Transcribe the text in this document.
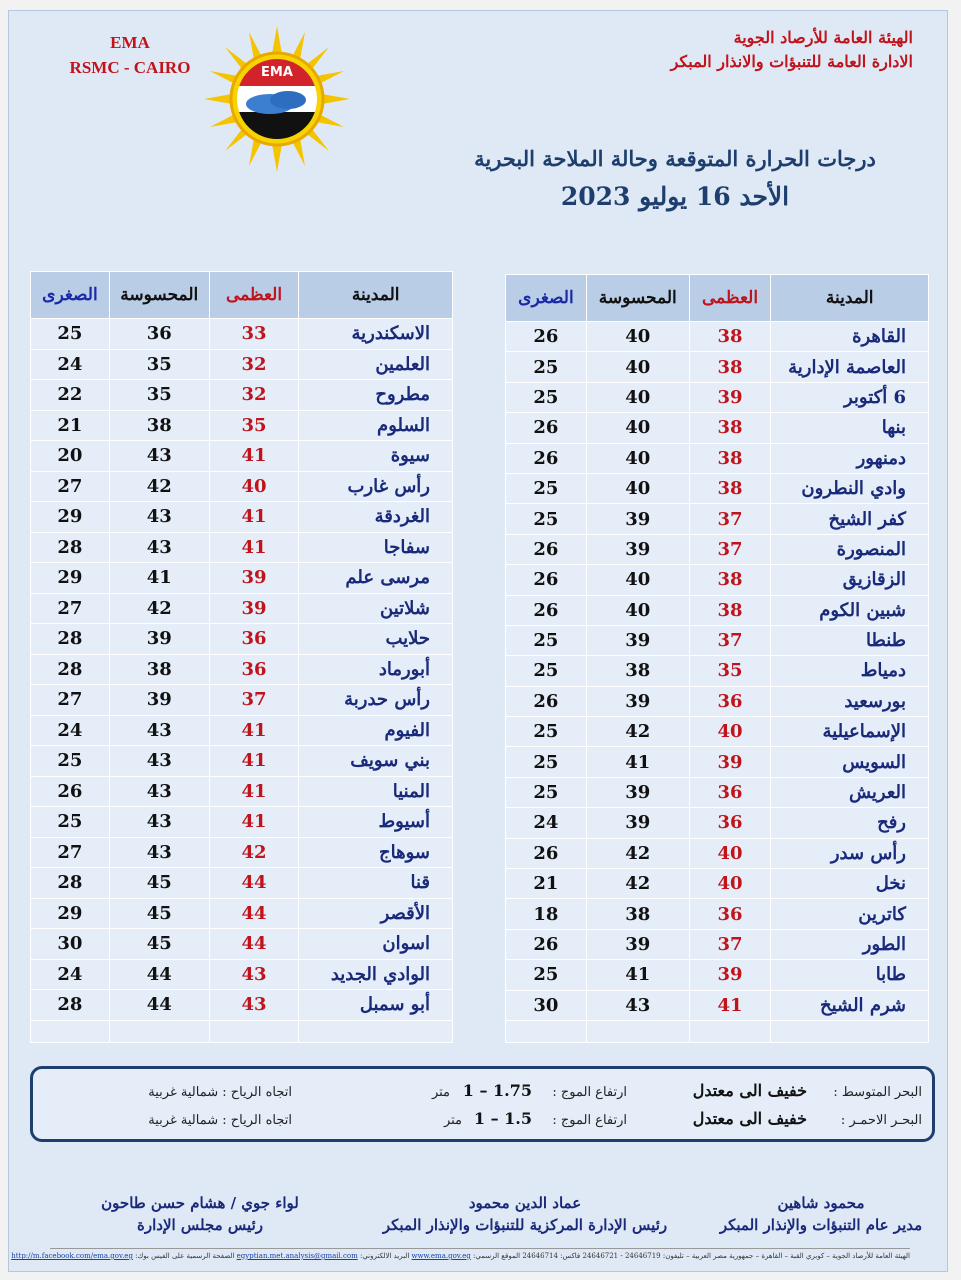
EMA
RSMC - CAIRO	EMA
الهيئة العامة للأرصاد الجوية
الادارة العامة للتنبؤات والانذار المبكر
درجات الحرارة المتوقعة وحالة الملاحة البحرية
الأحد 16 يوليو 2023
المدينة	العظمى	المحسوسة	الصغرى
القاهرة	38	40	26
العاصمة الإدارية	38	40	25
6 أكتوبر	39	40	25
بنها	38	40	26
دمنهور	38	40	26
وادي النطرون	38	40	25
كفر الشيخ	37	39	25
المنصورة	37	39	26
الزقازيق	38	40	26
شبين الكوم	38	40	26
طنطا	37	39	25
دمياط	35	38	25
بورسعيد	36	39	26
الإسماعيلية	40	42	25
السويس	39	41	25
العريش	36	39	25
رفح	36	39	24
رأس سدر	40	42	26
نخل	40	42	21
كاترين	36	38	18
الطور	37	39	26
طابا	39	41	25
شرم الشيخ	41	43	30

المدينة	العظمى	المحسوسة	الصغرى
الاسكندرية	33	36	25
العلمين	32	35	24
مطروح	32	35	22
السلوم	35	38	21
سيوة	41	43	20
رأس غارب	40	42	27
الغردقة	41	43	29
سفاجا	41	43	28
مرسى علم	39	41	29
شلاتين	39	42	27
حلايب	36	39	28
أبورماد	36	38	28
رأس حدربة	37	39	27
الفيوم	41	43	24
بني سويف	41	43	25
المنيا	41	43	26
أسيوط	41	43	25
سوهاج	42	43	27
قنا	44	45	28
الأقصر	44	45	29
اسوان	44	45	30
الوادي الجديد	43	44	24
أبو سمبل	43	44	28

البحر المتوسط :
خفيف الى معتدل
ارتفاع الموج :
1 – 1.75
متر
اتجاه الرياح : شمالية غربية
البحـر الاحمـر :
خفيف الى معتدل
ارتفاع الموج :
1 – 1.5
متر
اتجاه الرياح : شمالية غربية
محمود شاهين
مدير عام التنبؤات والإنذار المبكر
عماد الدين محمود
رئيس الإدارة المركزية للتنبؤات والإنذار المبكر
لواء جوي / هشام حسن طاحون
رئيس مجلس الإدارة
الهيئة العامة للأرصاد الجوية – كوبري القبة – القاهرة – جمهورية مصر العربية – تليفون: 24646719 - 24646721 فاكس: 24646714 الموقع الرسمي: www.ema.gov.eg البريد الالكتروني: egyptian.met.analysis@gmail.com الصفحة الرسمية على الفيس بوك: http://m.facebook.com/ema.gov.eg
